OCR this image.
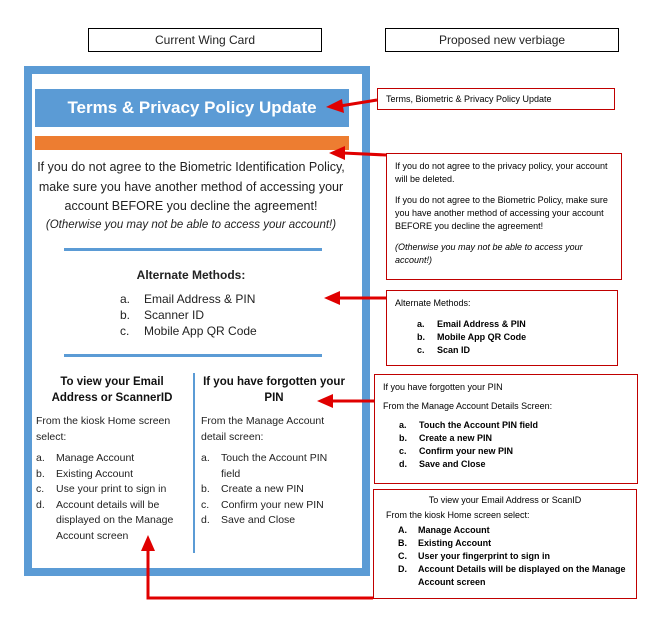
Current Wing Card	Proposed new verbiage
Terms & Privacy Policy Update
If you do not agree to the Biometric Identification Policy, make sure you have another method of accessing your account BEFORE you decline the agreement!
(Otherwise you may not be able to access your account!)
Alternate Methods:
a. Email Address & PIN
b. Scanner ID
c. Mobile App QR Code
To view your Email Address or ScannerID
From the kiosk Home screen select:
a.	Manage Account
b.	Existing Account
c.	Use your print to sign in
d.	Account details will be displayed on the Manage Account screen
If you have forgotten your PIN
From the Manage Account detail screen:
a.	Touch the Account PIN field
b.	Create a new PIN
c.	Confirm your new PIN
d.	Save and Close
Terms, Biometric & Privacy Policy Update
If you do not agree to the privacy policy, your account will be deleted.
If you do not agree to the Biometric Policy, make sure you have another method of accessing your account BEFORE you decline the agreement!
(Otherwise you may not be able to access your account!)
Alternate Methods:
a.	Email Address & PIN
b.	Mobile App QR Code
c.	Scan ID
If you have forgotten your PIN
From the Manage Account Details Screen:
a.	Touch the Account PIN field
b.	Create a new PIN
c.	Confirm your new PIN
d.	Save and Close
To view your Email Address or ScanID
From the kiosk Home screen select:
A.	Manage Account
B.	Existing Account
C.	User your fingerprint to sign in
D.	Account Details will be displayed on the Manage Account screen
